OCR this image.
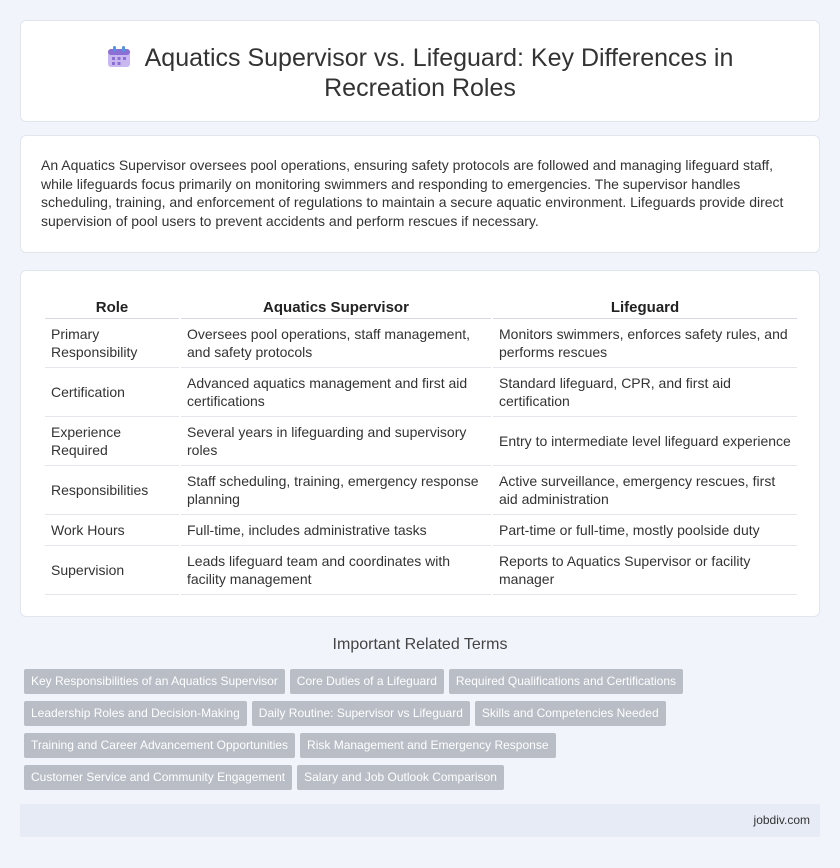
Aquatics Supervisor vs. Lifeguard: Key Differences in Recreation Roles

An Aquatics Supervisor oversees pool operations, ensuring safety protocols are followed and managing lifeguard staff, while lifeguards focus primarily on monitoring swimmers and responding to emergencies. The supervisor handles scheduling, training, and enforcement of regulations to maintain a secure aquatic environment. Lifeguards provide direct supervision of pool users to prevent accidents and perform rescues if necessary.

Role	Aquatics Supervisor	Lifeguard
Primary Responsibility	Oversees pool operations, staff management, and safety protocols	Monitors swimmers, enforces safety rules, and performs rescues
Certification	Advanced aquatics management and first aid certifications	Standard lifeguard, CPR, and first aid certification
Experience Required	Several years in lifeguarding and supervisory roles	Entry to intermediate level lifeguard experience
Responsibilities	Staff scheduling, training, emergency response planning	Active surveillance, emergency rescues, first aid administration
Work Hours	Full-time, includes administrative tasks	Part-time or full-time, mostly poolside duty
Supervision	Leads lifeguard team and coordinates with facility management	Reports to Aquatics Supervisor or facility manager
Important Related Terms
Key Responsibilities of an Aquatics Supervisor Core Duties of a Lifeguard Required Qualifications and Certifications
Leadership Roles and Decision-Making Daily Routine: Supervisor vs Lifeguard Skills and Competencies Needed
Training and Career Advancement Opportunities Risk Management and Emergency Response
Customer Service and Community Engagement Salary and Job Outlook Comparison
jobdiv.com
